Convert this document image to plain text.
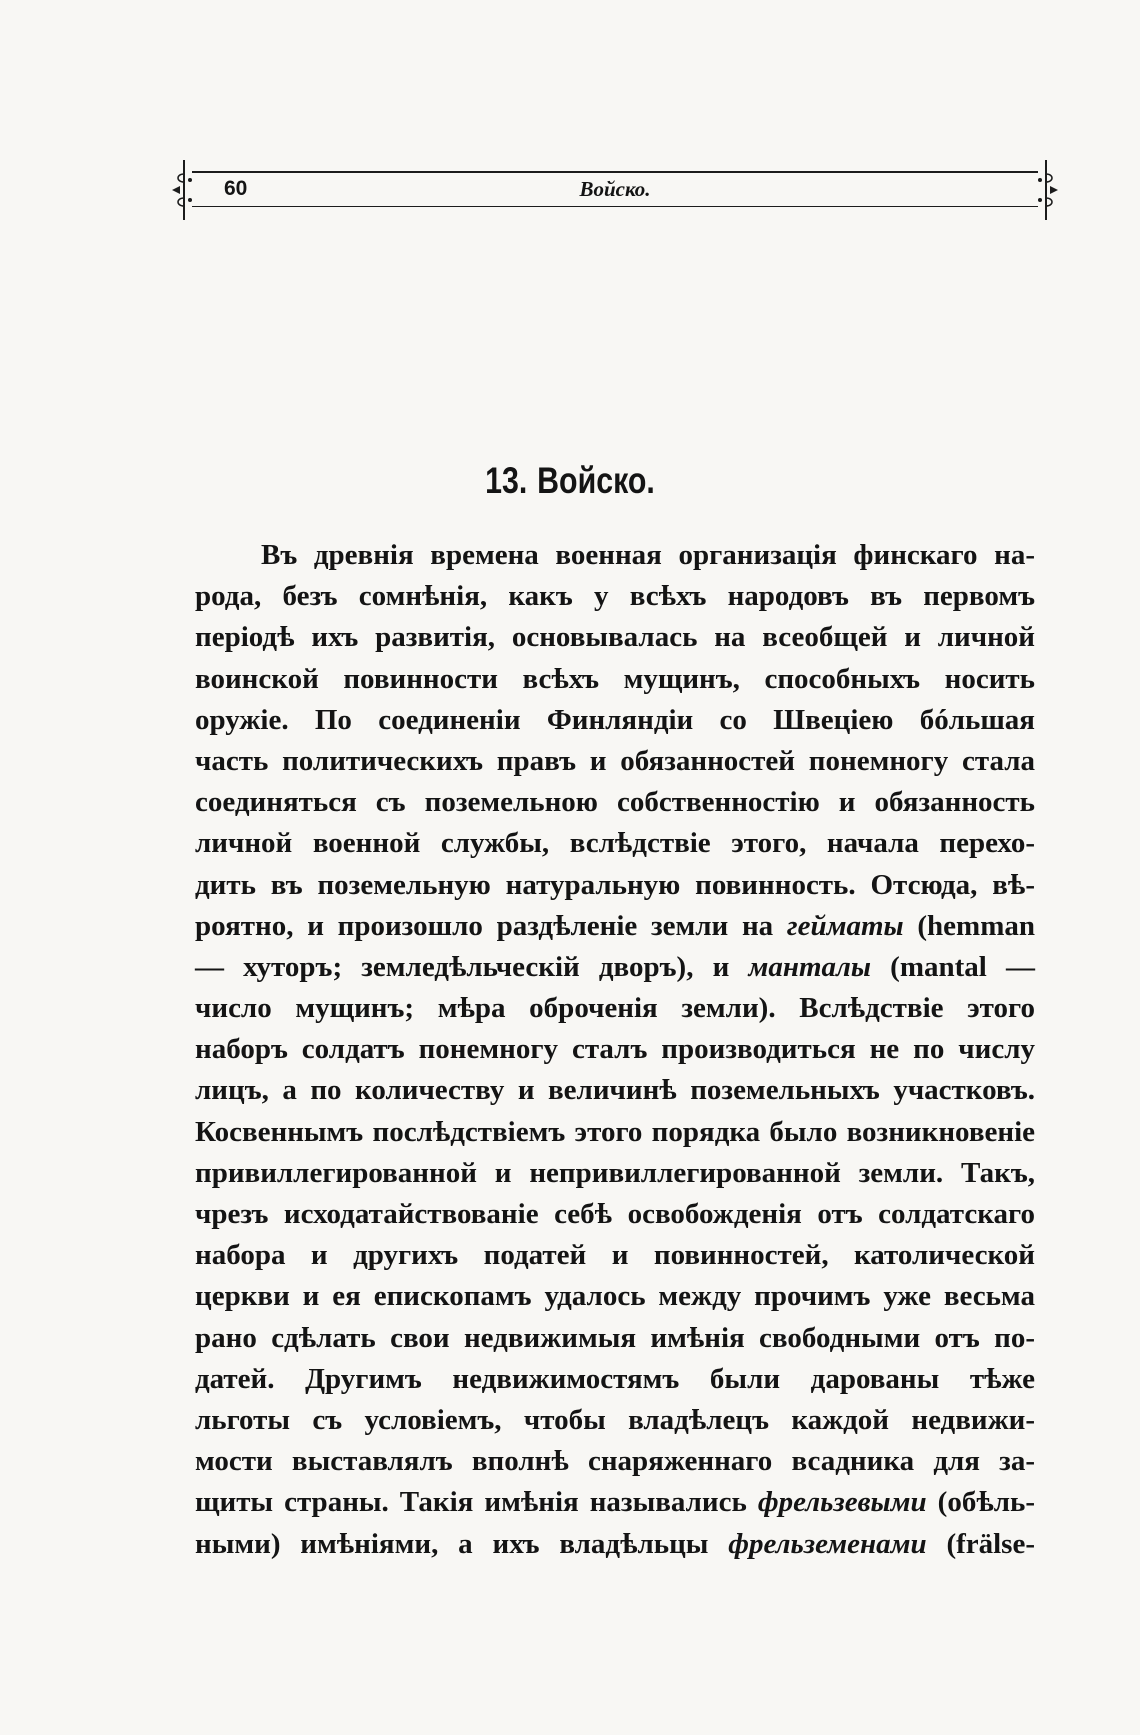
60	Войско.
13. Войско.
Въ древнія времена военная организація финскаго на-
рода, безъ сомнѣнія, какъ у всѣхъ народовъ въ первомъ
періодѣ ихъ развитія, основывалась на всеобщей и личной
воинской повинности всѣхъ мущинъ, способныхъ носить
оружіе. По соединеніи Финляндіи со Швеціею бóльшая
часть политическихъ правъ и обязанностей понемногу стала
соединяться съ поземельною собственностію и обязанность
личной военной службы, вслѣдствіе этого, начала перехо-
дить въ поземельную натуральную повинность. Отсюда, вѣ-
роятно, и произошло раздѣленіе земли на гейматы (hemman
— хуторъ; земледѣльческій дворъ), и манталы (mantal —
число мущинъ; мѣра оброченія земли). Вслѣдствіе этого
наборъ солдатъ понемногу сталъ производиться не по числу
лицъ, а по количеству и величинѣ поземельныхъ участковъ.
Косвеннымъ послѣдствіемъ этого порядка было возникновеніе
привиллегированной и непривиллегированной земли. Такъ,
чрезъ исходатайствованіе себѣ освобожденія отъ солдатскаго
набора и другихъ податей и повинностей, католической
церкви и ея епископамъ удалось между прочимъ уже весьма
рано сдѣлать свои недвижимыя имѣнія свободными отъ по-
датей. Другимъ недвижимостямъ были дарованы тѣже
льготы съ условіемъ, чтобы владѣлецъ каждой недвижи-
мости выставлялъ вполнѣ снаряженнаго всадника для за-
щиты страны. Такія имѣнія назывались фрельзевыми (обѣль-
ными) имѣніями, а ихъ владѣльцы фрельземенами (frälse-
